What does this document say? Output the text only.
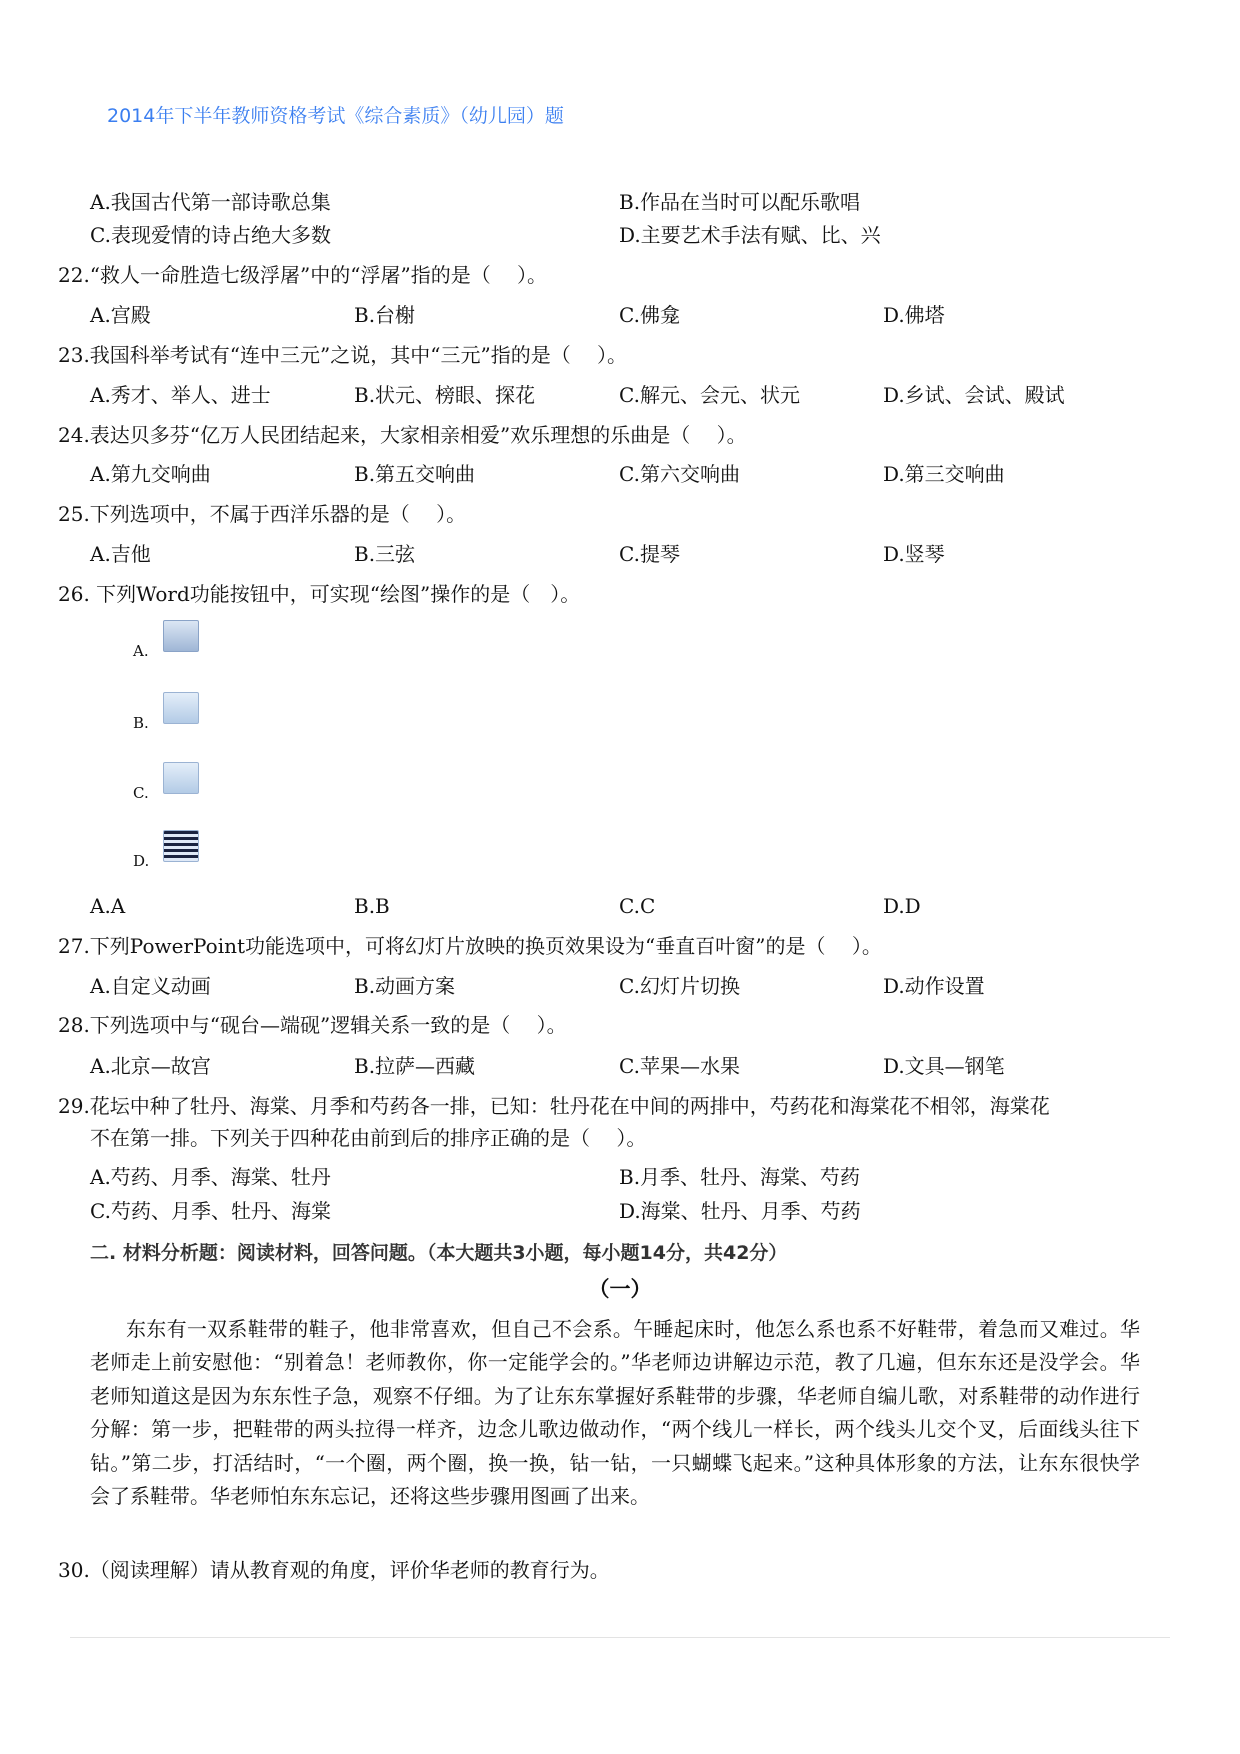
2014年下半年教师资格考试《综合素质》（幼儿园）题
A.我国古代第一部诗歌总集	B.作品在当时可以配乐歌唱
C.表现爱情的诗占绝大多数	D.主要艺术手法有赋、比、兴
22.“救人一命胜造七级浮屠”中的“浮屠”指的是（　 ）。
A.宫殿	B.台榭	C.佛龛	D.佛塔
23.我国科举考试有“连中三元”之说，其中“三元”指的是（　 ）。
A.秀才、举人、进士	B.状元、榜眼、探花	C.解元、会元、状元	D.乡试、会试、殿试
24.表达贝多芬“亿万人民团结起来，大家相亲相爱”欢乐理想的乐曲是（　 ）。
A.第九交响曲	B.第五交响曲	C.第六交响曲	D.第三交响曲
25.下列选项中，不属于西洋乐器的是（　 ）。
A.吉他	B.三弦	C.提琴	D.竖琴
26. 下列Word功能按钮中，可实现“绘图”操作的是（　）。
A.A	B.B	C.C	D.D
27.下列PowerPoint功能选项中，可将幻灯片放映的换页效果设为“垂直百叶窗”的是（　 ）。
A.自定义动画	B.动画方案	C.幻灯片切换	D.动作设置
28.下列选项中与“砚台—端砚”逻辑关系一致的是（　 ）。
A.北京—故宫	B.拉萨—西藏	C.苹果—水果	D.文具—钢笔
A.
B.
C.
D.
29.花坛中种了牡丹、海棠、月季和芍药各一排，已知：牡丹花在中间的两排中，芍药花和海棠花不相邻，海棠花
不在第一排。下列关于四种花由前到后的排序正确的是（　 ）。
A.芍药、月季、海棠、牡丹	B.月季、牡丹、海棠、芍药
C.芍药、月季、牡丹、海棠	D.海棠、牡丹、月季、芍药
二. 材料分析题：阅读材料，回答问题。（本大题共3小题，每小题14分，共42分）
（一）
东东有一双系鞋带的鞋子，他非常喜欢，但自己不会系。午睡起床时，他怎么系也系不好鞋带，着急而又难过。华老师走上前安慰他：“别着急！老师教你，你一定能学会的。”华老师边讲解边示范，教了几遍，但东东还是没学会。华老师知道这是因为东东性子急，观察不仔细。为了让东东掌握好系鞋带的步骤，华老师自编儿歌，对系鞋带的动作进行分解：第一步，把鞋带的两头拉得一样齐，边念儿歌边做动作，“两个线儿一样长，两个线头儿交个叉，后面线头往下钻。”第二步，打活结时，“一个圈，两个圈，换一换，钻一钻，一只蝴蝶飞起来。”这种具体形象的方法，让东东很快学会了系鞋带。华老师怕东东忘记，还将这些步骤用图画了出来。
30.（阅读理解）请从教育观的角度，评价华老师的教育行为。
